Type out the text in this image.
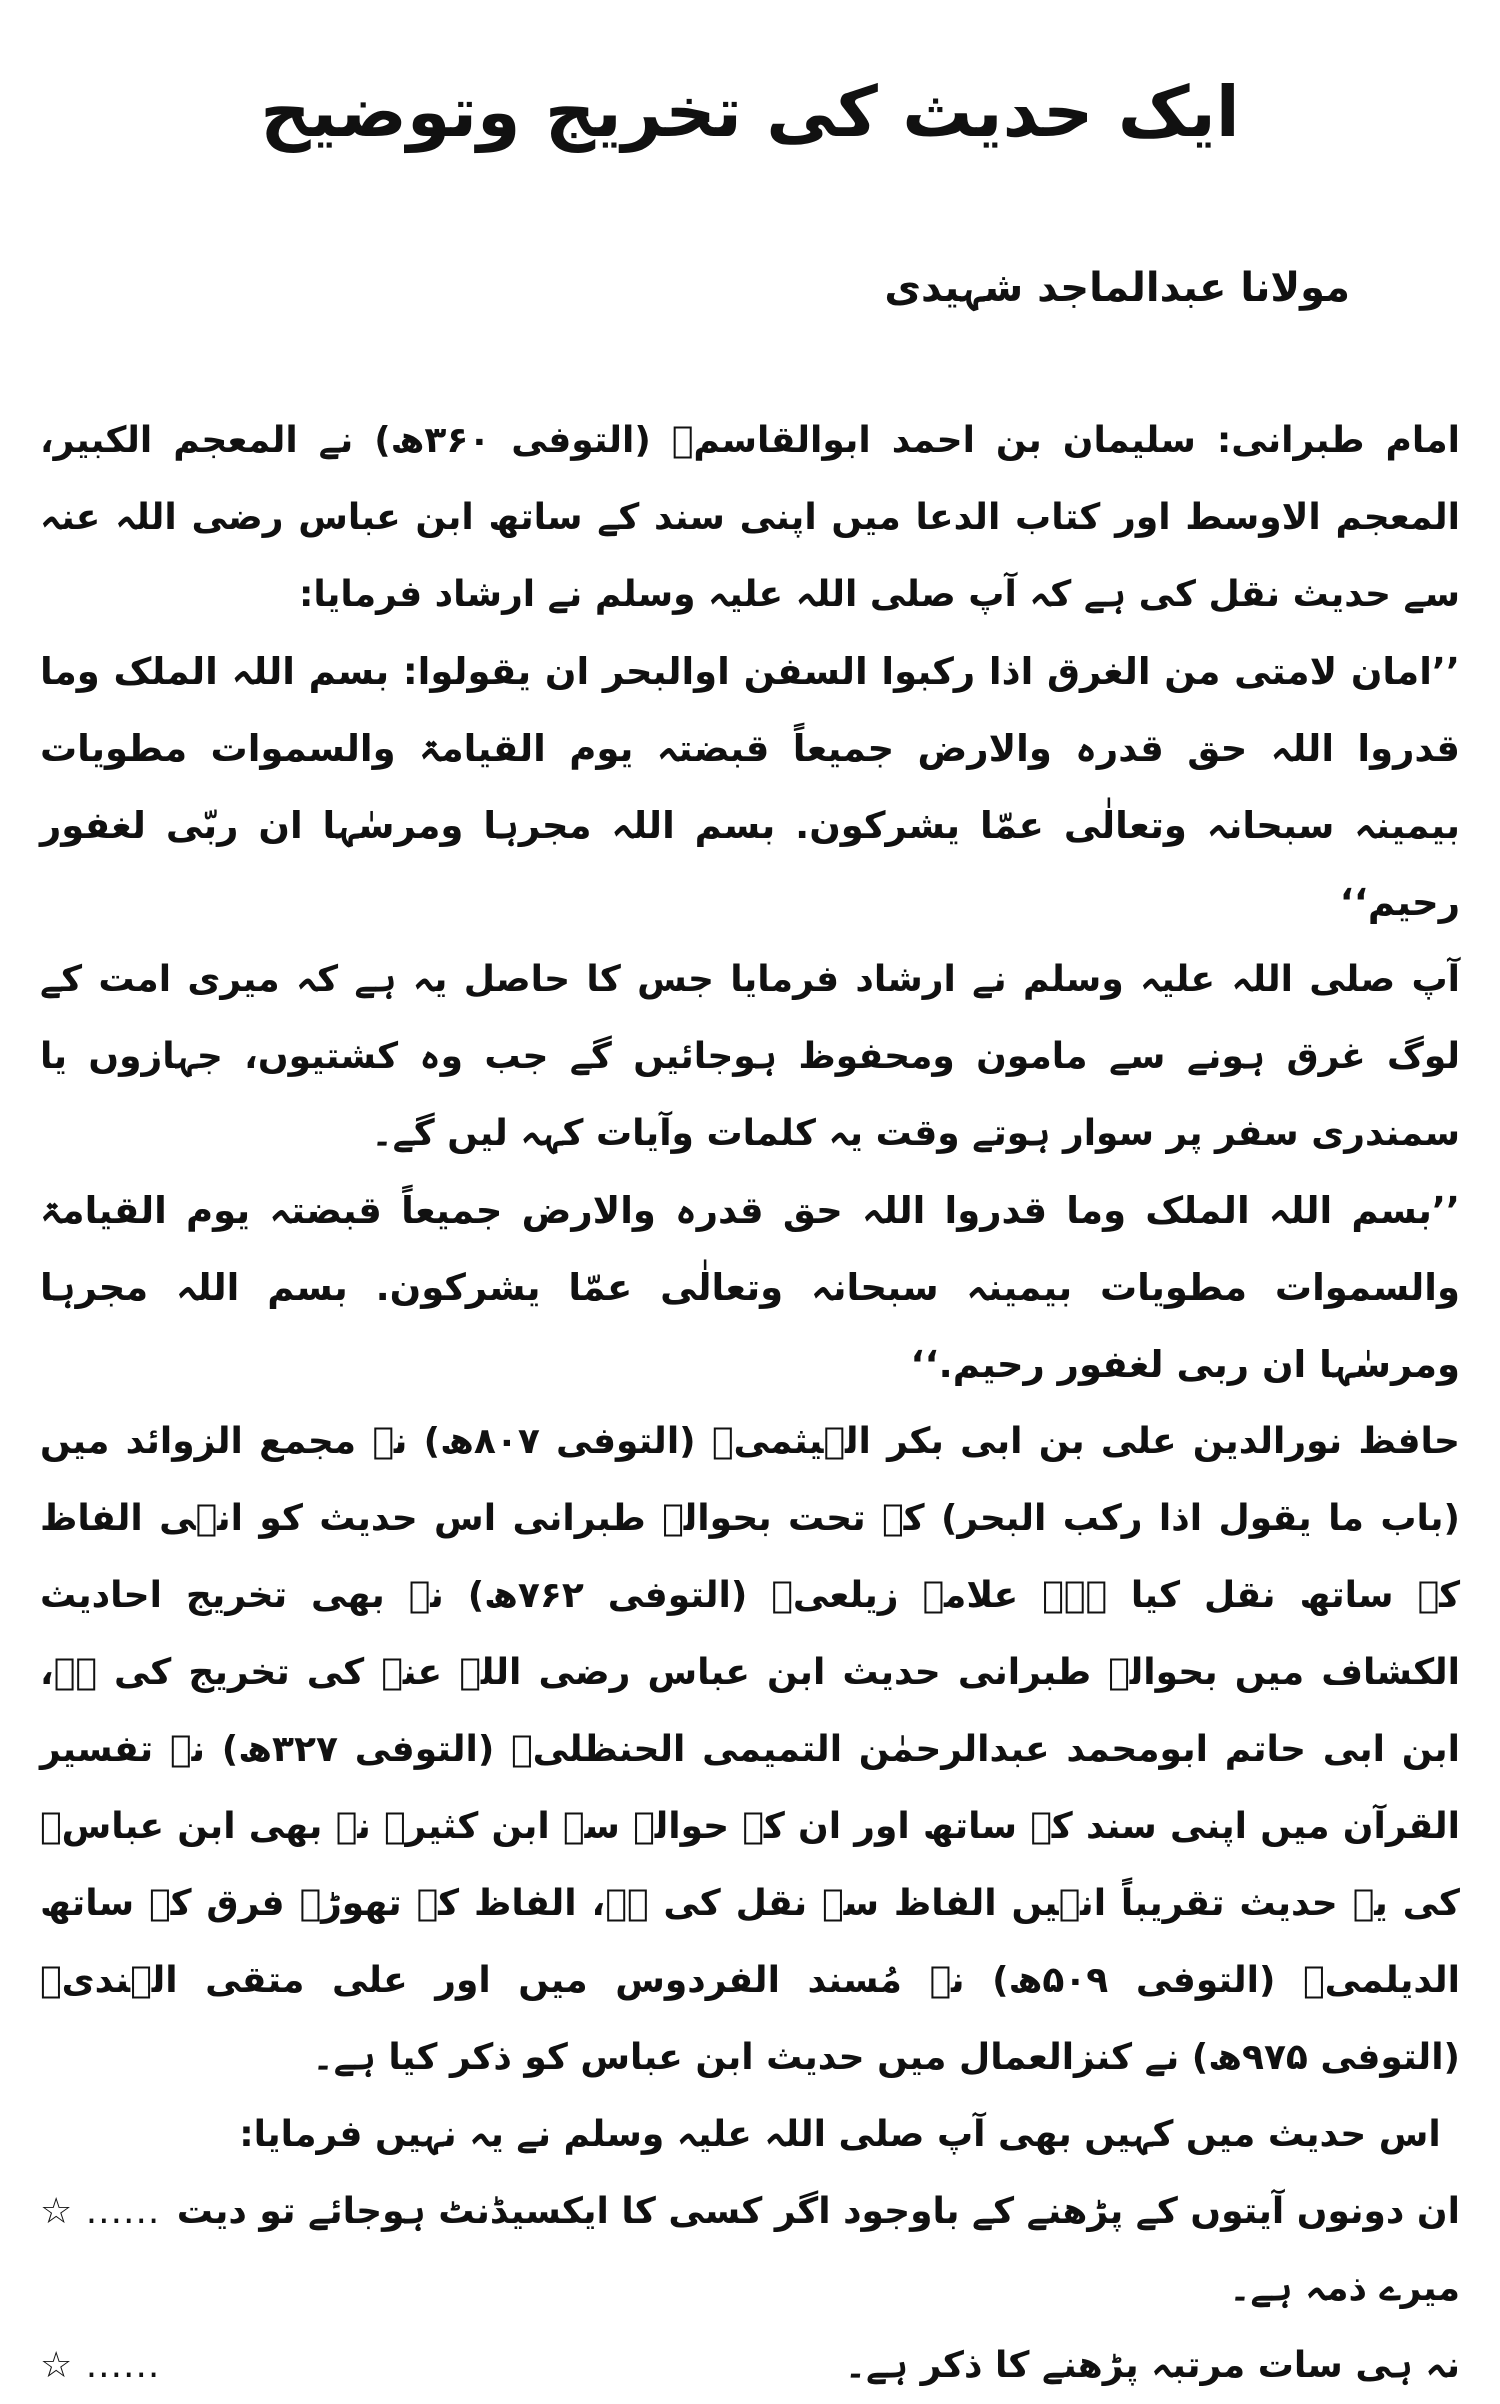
ایک حدیث کی تخریج وتوضیح
مولانا عبدالماجد شہیدی

امام طبرانی: سلیمان بن احمد ابوالقاسمؒ (التوفی ۳۶۰ھ) نے المعجم الکبیر، المعجم الاوسط اور کتاب الدعا میں اپنی سند کے ساتھ ابن عباس رضی اللہ عنہ سے حدیث نقل کی ہے کہ آپ صلی اللہ علیہ وسلم نے ارشاد فرمایا:

’’امان لامتی من الغرق اذا رکبوا السفن اوالبحر ان یقولوا: بسم اللہ الملک وما قدروا اللہ حق قدرہ والارض جمیعاً قبضتہ یوم القیامۃ والسموات مطویات بیمینہ سبحانہ وتعالٰی عمّا یشرکون. بسم اللہ مجرہا ومرسٰہا ان ربّی لغفور رحیم‘‘

آپ صلی اللہ علیہ وسلم نے ارشاد فرمایا جس کا حاصل یہ ہے کہ میری امت کے لوگ غرق ہونے سے مامون ومحفوظ ہوجائیں گے جب وہ کشتیوں، جہازوں یا سمندری سفر پر سوار ہوتے وقت یہ کلمات وآیات کہہ لیں گے۔

’’بسم اللہ الملک وما قدروا اللہ حق قدرہ والارض جمیعاً قبضتہ یوم القیامۃ والسموات مطویات بیمینہ سبحانہ وتعالٰی عمّا یشرکون. بسم اللہ مجرہا ومرسٰہا ان ربی لغفور رحیم.‘‘

حافظ نورالدین علی بن ابی بکر الہیثمیؒ (التوفی ۸۰۷ھ) نے مجمع الزوائد میں (باب ما یقول اذا رکب البحر) کے تحت بحوالہ طبرانی اس حدیث کو انہی الفاظ کے ساتھ نقل کیا ہے۔ علامہ زیلعیؒ (التوفی ۷۶۲ھ) نے بھی تخریج احادیث الکشاف میں بحوالہ طبرانی حدیث ابن عباس رضی اللہ عنہ کی تخریج کی ہے، ابن ابی حاتم ابومحمد عبدالرحمٰن التمیمی الحنظلیؒ (التوفی ۳۲۷ھ) نے تفسیر القرآن میں اپنی سند کے ساتھ اور ان کے حوالے سے ابن کثیرؒ نے بھی ابن عباسؓ کی یہ حدیث تقریباً انہیں الفاظ سے نقل کی ہے، الفاظ کے تھوڑے فرق کے ساتھ الدیلمیؒ (التوفی ۵۰۹ھ) نے مُسند الفردوس میں اور علی متقی الہندیؒ (التوفی ۹۷۵ھ) نے کنزالعمال میں حدیث ابن عباس کو ذکر کیا ہے۔

اس حدیث میں کہیں بھی آپ صلی اللہ علیہ وسلم نے یہ نہیں فرمایا:

ان دونوں آیتوں کے پڑھنے کے باوجود اگر کسی کا ایکسیڈنٹ ہوجائے تو دیت میرے ذمہ ہے۔
☆ ......
نہ ہی سات مرتبہ پڑھنے کا ذکر ہے۔
☆ ......
